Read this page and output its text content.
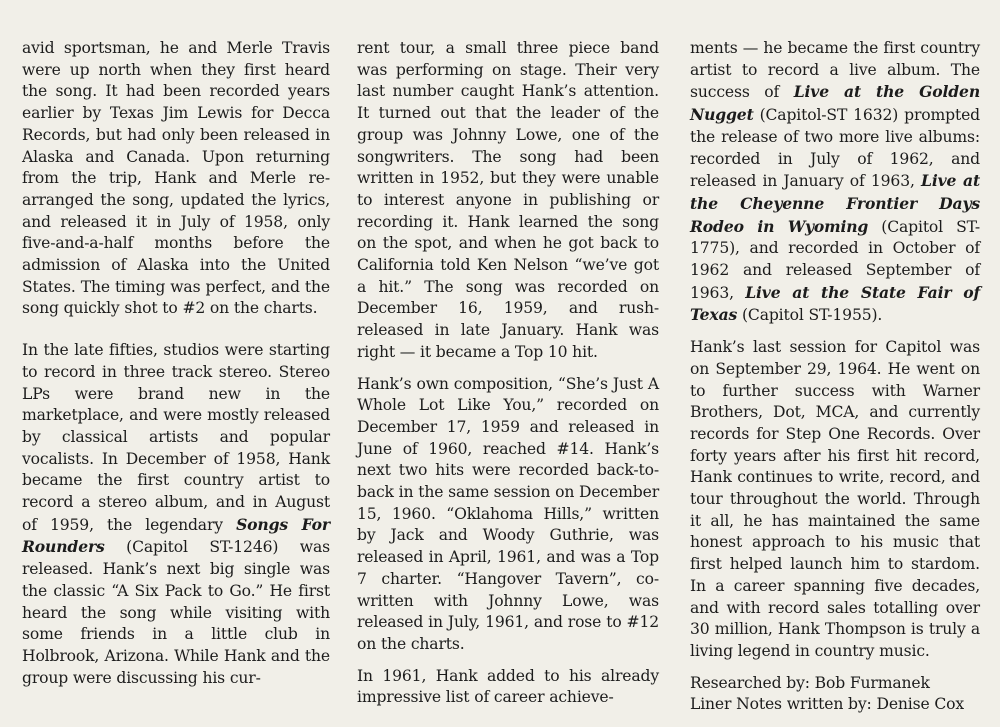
avid sportsman, he and Merle Travis were up north when they first heard the song. It had been recorded years earlier by Texas Jim Lewis for Decca Records, but had only been released in Alaska and Canada. Upon returning from the trip, Hank and Merle re-arranged the song, updated the lyrics, and released it in July of 1958, only five-and-a-half months before the admission of Alaska into the United States. The timing was perfect, and the song quickly shot to #2 on the charts.

In the late fifties, studios were starting to record in three track stereo. Stereo LPs were brand new in the marketplace, and were mostly released by classical artists and popular vocalists. In December of 1958, Hank became the first country artist to record a stereo album, and in August of 1959, the legendary Songs For Rounders (Capitol ST-1246) was released. Hank’s next big single was the classic “A Six Pack to Go.” He first heard the song while visiting with some friends in a little club in Holbrook, Arizona. While Hank and the group were discussing his cur-

rent tour, a small three piece band was performing on stage. Their very last number caught Hank’s attention. It turned out that the leader of the group was Johnny Lowe, one of the songwriters. The song had been written in 1952, but they were unable to interest anyone in publishing or recording it. Hank learned the song on the spot, and when he got back to California told Ken Nelson “we’ve got a hit.” The song was recorded on December 16, 1959, and rush-released in late January. Hank was right — it became a Top 10 hit.

Hank’s own composition, “She’s Just A Whole Lot Like You,” recorded on December 17, 1959 and released in June of 1960, reached #14. Hank’s next two hits were recorded back-to-back in the same session on December 15, 1960. “Oklahoma Hills,” written by Jack and Woody Guthrie, was released in April, 1961, and was a Top 7 charter. “Hangover Tavern”, co-written with Johnny Lowe, was released in July, 1961, and rose to #12 on the charts.

In 1961, Hank added to his already impressive list of career achieve-

ments — he became the first country artist to record a live album. The success of Live at the Golden Nugget (Capitol-ST 1632) prompted the release of two more live albums: recorded in July of 1962, and released in January of 1963, Live at the Cheyenne Frontier Days Rodeo in Wyoming (Capitol ST-1775), and recorded in October of 1962 and released September of 1963, Live at the State Fair of Texas (Capitol ST-1955).

Hank’s last session for Capitol was on September 29, 1964. He went on to further success with Warner Brothers, Dot, MCA, and currently records for Step One Records. Over forty years after his first hit record, Hank continues to write, record, and tour throughout the world. Through it all, he has maintained the same honest approach to his music that first helped launch him to stardom. In a career spanning five decades, and with record sales totalling over 30 million, Hank Thompson is truly a living legend in country music.

Researched by: Bob Furmanek
Liner Notes written by: Denise Cox
